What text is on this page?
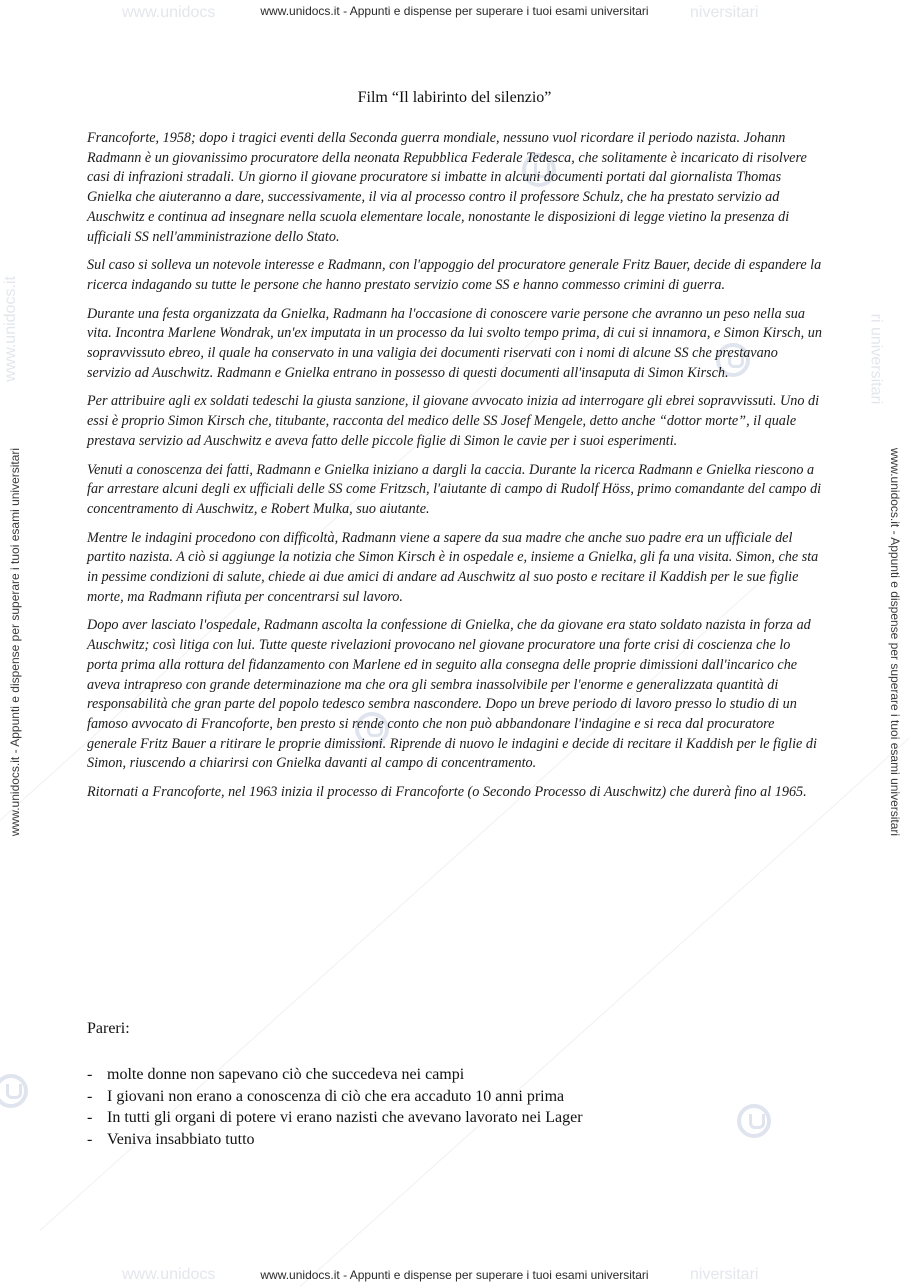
www.unidocs	niversitari
www.unidocs	niversitari
www.unidocs.it	ri universitari
www.unidocs.it - Appunti e dispense per superare i tuoi esami universitari
www.unidocs.it - Appunti e dispense per superare i tuoi esami universitari
www.unidocs.it - Appunti e dispense per superare i tuoi esami universitari	www.unidocs.it - Appunti e dispense per superare i tuoi esami universitari
Film “Il labirinto del silenzio”

Francoforte, 1958; dopo i tragici eventi della Seconda guerra mondiale, nessuno vuol ricordare il periodo nazista. Johann Radmann è un giovanissimo procuratore della neonata Repubblica Federale Tedesca, che solitamente è incaricato di risolvere casi di infrazioni stradali. Un giorno il giovane procuratore si imbatte in alcuni documenti portati dal giornalista Thomas Gnielka che aiuteranno a dare, successivamente, il via al processo contro il professore Schulz, che ha prestato servizio ad Auschwitz e continua ad insegnare nella scuola elementare locale, nonostante le disposizioni di legge vietino la presenza di ufficiali SS nell'amministrazione dello Stato.

Sul caso si solleva un notevole interesse e Radmann, con l'appoggio del procuratore generale Fritz Bauer, decide di espandere la ricerca indagando su tutte le persone che hanno prestato servizio come SS e hanno commesso crimini di guerra.

Durante una festa organizzata da Gnielka, Radmann ha l'occasione di conoscere varie persone che avranno un peso nella sua vita. Incontra Marlene Wondrak, un'ex imputata in un processo da lui svolto tempo prima, di cui si innamora, e Simon Kirsch, un sopravvissuto ebreo, il quale ha conservato in una valigia dei documenti riservati con i nomi di alcune SS che prestavano servizio ad Auschwitz. Radmann e Gnielka entrano in possesso di questi documenti all'insaputa di Simon Kirsch.

Per attribuire agli ex soldati tedeschi la giusta sanzione, il giovane avvocato inizia ad interrogare gli ebrei sopravvissuti. Uno di essi è proprio Simon Kirsch che, titubante, racconta del medico delle SS Josef Mengele, detto anche “dottor morte”, il quale prestava servizio ad Auschwitz e aveva fatto delle piccole figlie di Simon le cavie per i suoi esperimenti.

Venuti a conoscenza dei fatti, Radmann e Gnielka iniziano a dargli la caccia. Durante la ricerca Radmann e Gnielka riescono a far arrestare alcuni degli ex ufficiali delle SS come Fritzsch, l'aiutante di campo di Rudolf Höss, primo comandante del campo di concentramento di Auschwitz, e Robert Mulka, suo aiutante.

Mentre le indagini procedono con difficoltà, Radmann viene a sapere da sua madre che anche suo padre era un ufficiale del partito nazista. A ciò si aggiunge la notizia che Simon Kirsch è in ospedale e, insieme a Gnielka, gli fa una visita. Simon, che sta in pessime condizioni di salute, chiede ai due amici di andare ad Auschwitz al suo posto e recitare il Kaddish per le sue figlie morte, ma Radmann rifiuta per concentrarsi sul lavoro.

Dopo aver lasciato l'ospedale, Radmann ascolta la confessione di Gnielka, che da giovane era stato soldato nazista in forza ad Auschwitz; così litiga con lui. Tutte queste rivelazioni provocano nel giovane procuratore una forte crisi di coscienza che lo porta prima alla rottura del fidanzamento con Marlene ed in seguito alla consegna delle proprie dimissioni dall'incarico che aveva intrapreso con grande determinazione ma che ora gli sembra inassolvibile per l'enorme e generalizzata quantità di responsabilità che gran parte del popolo tedesco sembra nascondere. Dopo un breve periodo di lavoro presso lo studio di un famoso avvocato di Francoforte, ben presto si rende conto che non può abbandonare l'indagine e si reca dal procuratore generale Fritz Bauer a ritirare le proprie dimissioni. Riprende di nuovo le indagini e decide di recitare il Kaddish per le figlie di Simon, riuscendo a chiarirsi con Gnielka davanti al campo di concentramento.

Ritornati a Francoforte, nel 1963 inizia il processo di Francoforte (o Secondo Processo di Auschwitz) che durerà fino al 1965.

Pareri:
- molte donne non sapevano ciò che succedeva nei campi
- I giovani non erano a conoscenza di ciò che era accaduto 10 anni prima
- In tutti gli organi di potere vi erano nazisti che avevano lavorato nei Lager
- Veniva insabbiato tutto
